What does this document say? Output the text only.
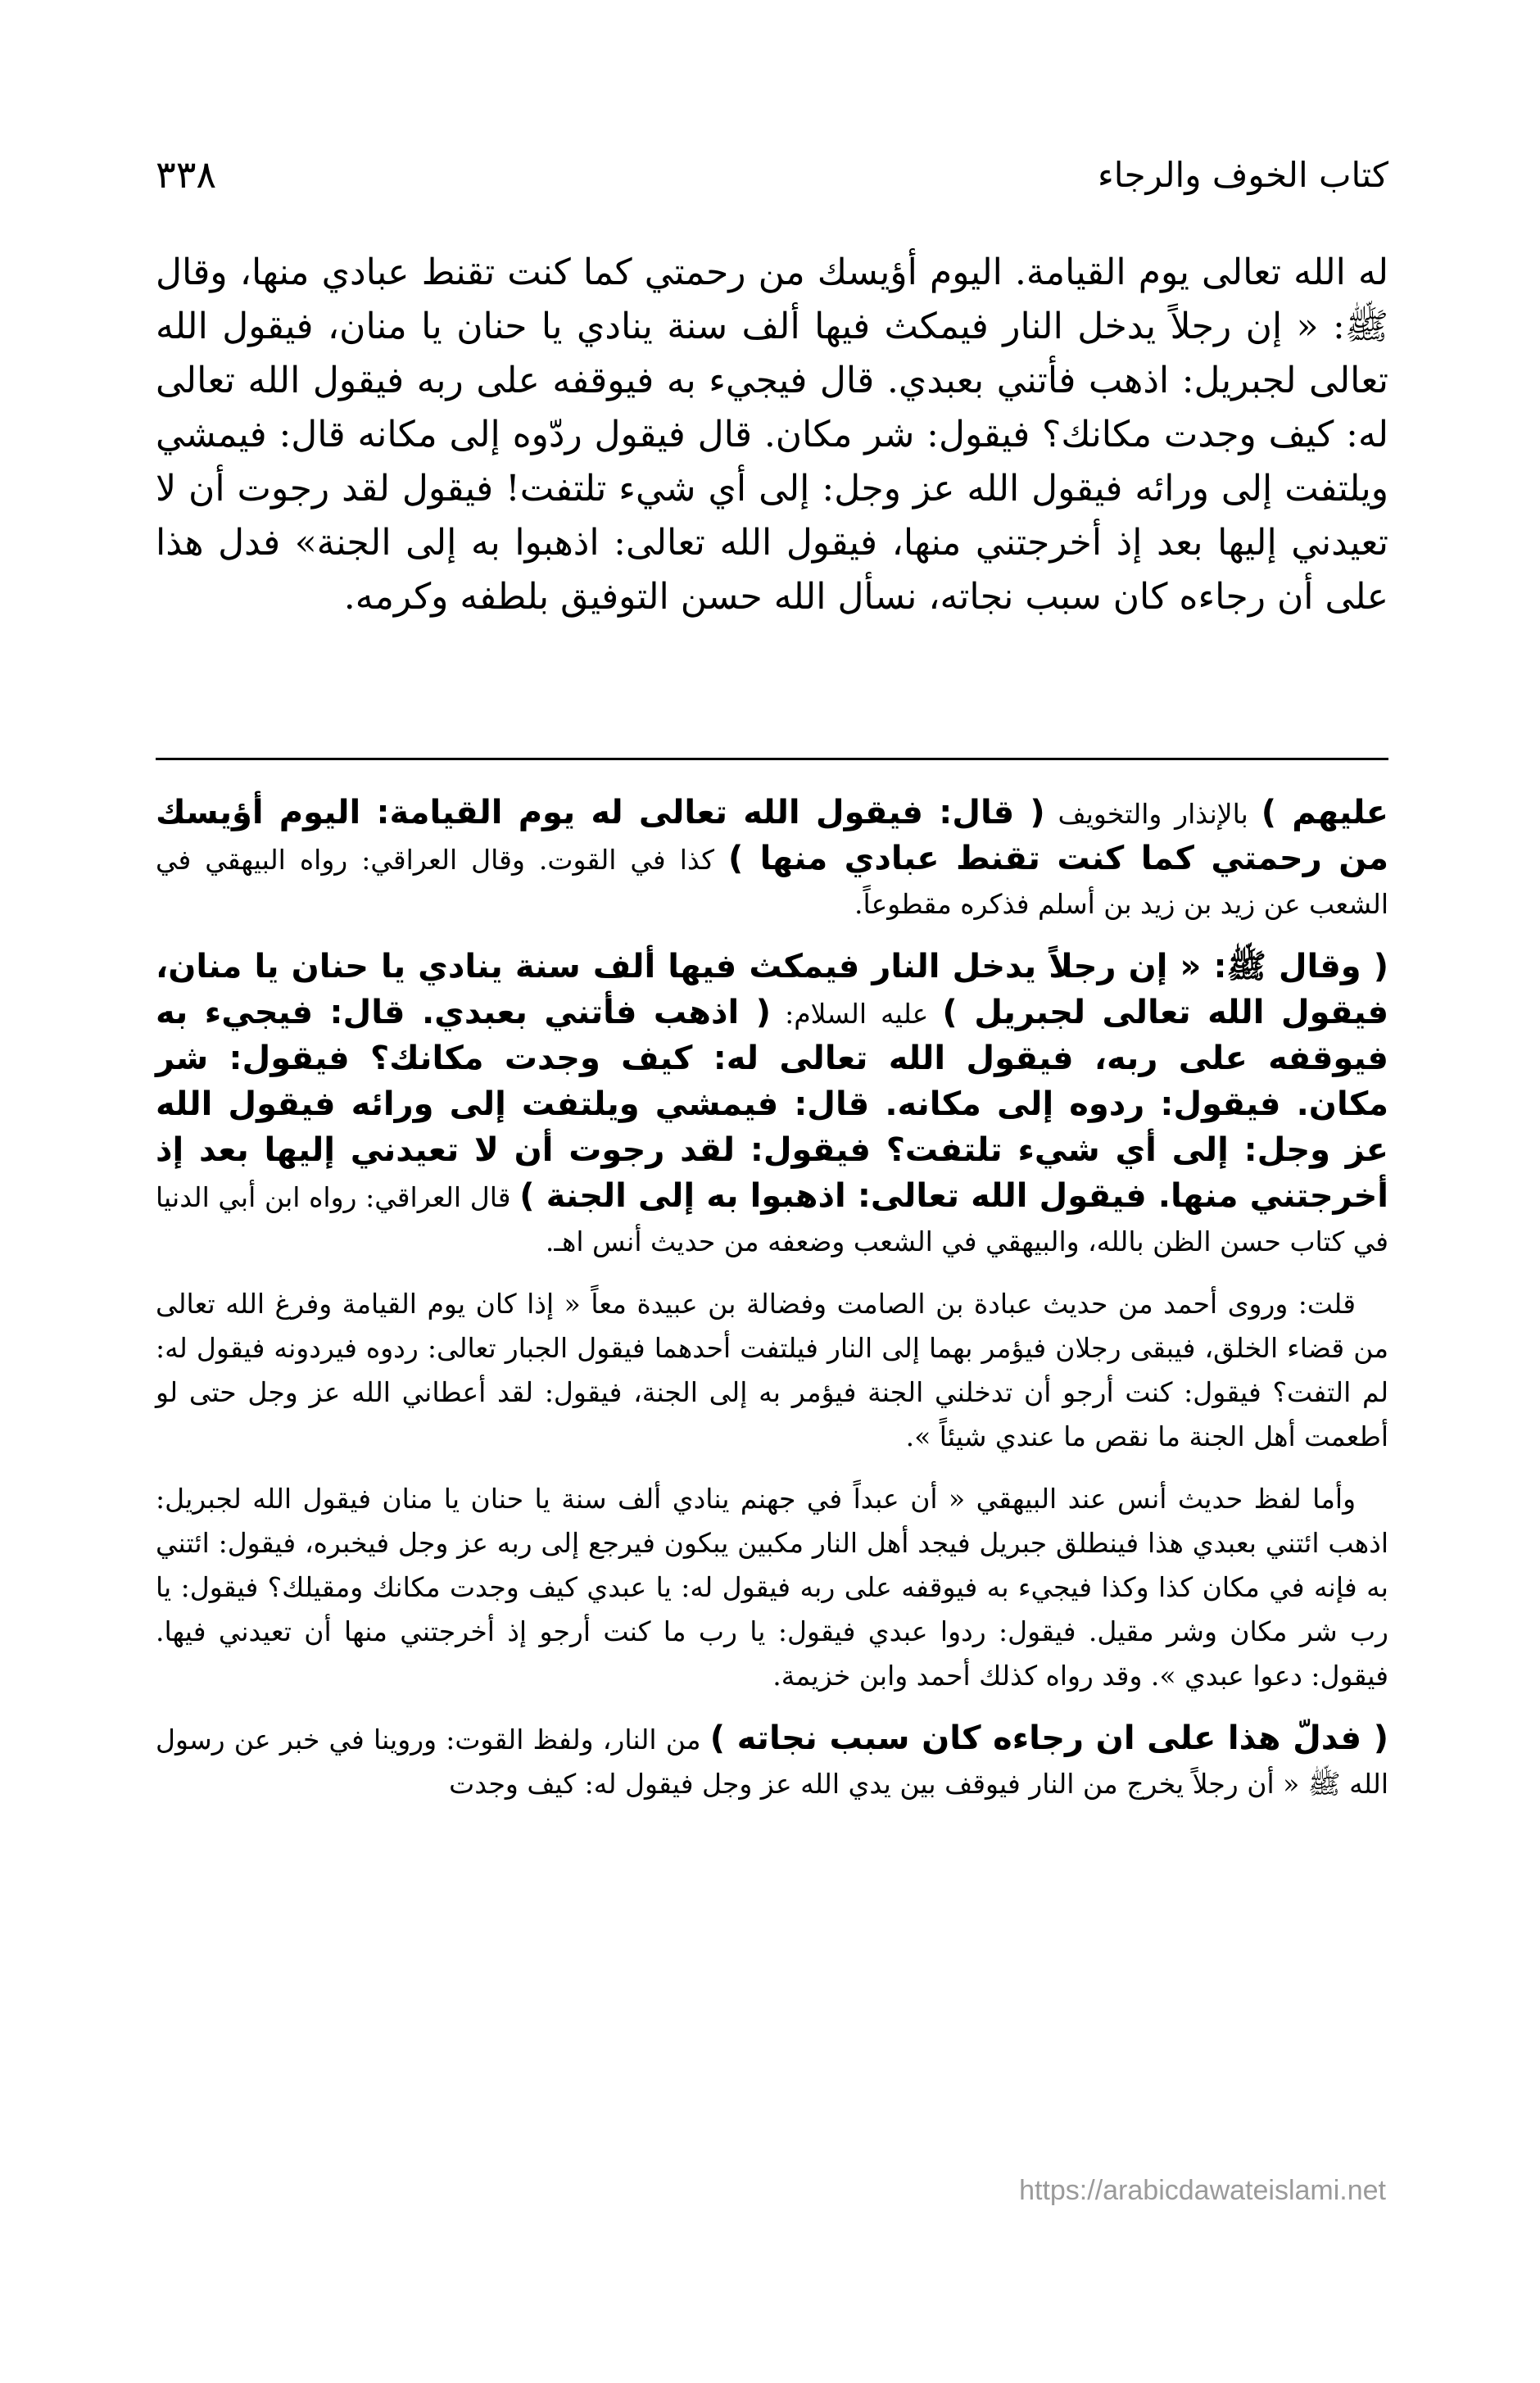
٣٣٨	كتاب الخوف والرجاء

له الله تعالى يوم القيامة. اليوم أؤيسك من رحمتي كما كنت تقنط عبادي منها، وقال ﷺ: « إن رجلاً يدخل النار فيمكث فيها ألف سنة ينادي يا حنان يا منان، فيقول الله تعالى لجبريل: اذهب فأتني بعبدي. قال فيجيء به فيوقفه على ربه فيقول الله تعالى له: كيف وجدت مكانك؟ فيقول: شر مكان. قال فيقول ردّوه إلى مكانه قال: فيمشي ويلتفت إلى ورائه فيقول الله عز وجل: إلى أي شيء تلتفت! فيقول لقد رجوت أن لا تعيدني إليها بعد إذ أخرجتني منها، فيقول الله تعالى: اذهبوا به إلى الجنة» فدل هذا على أن رجاءه كان سبب نجاته، نسأل الله حسن التوفيق بلطفه وكرمه.

عليهم ) بالإنذار والتخويف ( قال: فيقول الله تعالى له يوم القيامة: اليوم أؤيسك من رحمتي كما كنت تقنط عبادي منها ) كذا في القوت. وقال العراقي: رواه البيهقي في الشعب عن زيد بن زيد بن أسلم فذكره مقطوعاً.

( وقال ﷺ: « إن رجلاً يدخل النار فيمكث فيها ألف سنة ينادي يا حنان يا منان، فيقول الله تعالى لجبريل ) عليه السلام: ( اذهب فأتني بعبدي. قال: فيجيء به فيوقفه على ربه، فيقول الله تعالى له: كيف وجدت مكانك؟ فيقول: شر مكان. فيقول: ردوه إلى مكانه. قال: فيمشي ويلتفت إلى ورائه فيقول الله عز وجل: إلى أي شيء تلتفت؟ فيقول: لقد رجوت أن لا تعيدني إليها بعد إذ أخرجتني منها. فيقول الله تعالى: اذهبوا به إلى الجنة ) قال العراقي: رواه ابن أبي الدنيا في كتاب حسن الظن بالله، والبيهقي في الشعب وضعفه من حديث أنس اهـ.

قلت: وروى أحمد من حديث عبادة بن الصامت وفضالة بن عبيدة معاً « إذا كان يوم القيامة وفرغ الله تعالى من قضاء الخلق، فيبقى رجلان فيؤمر بهما إلى النار فيلتفت أحدهما فيقول الجبار تعالى: ردوه فيردونه فيقول له: لم التفت؟ فيقول: كنت أرجو أن تدخلني الجنة فيؤمر به إلى الجنة، فيقول: لقد أعطاني الله عز وجل حتى لو أطعمت أهل الجنة ما نقص ما عندي شيئاً ».

وأما لفظ حديث أنس عند البيهقي « أن عبداً في جهنم ينادي ألف سنة يا حنان يا منان فيقول الله لجبريل: اذهب ائتني بعبدي هذا فينطلق جبريل فيجد أهل النار مكبين يبكون فيرجع إلى ربه عز وجل فيخبره، فيقول: ائتني به فإنه في مكان كذا وكذا فيجيء به فيوقفه على ربه فيقول له: يا عبدي كيف وجدت مكانك ومقيلك؟ فيقول: يا رب شر مكان وشر مقيل. فيقول: ردوا عبدي فيقول: يا رب ما كنت أرجو إذ أخرجتني منها أن تعيدني فيها. فيقول: دعوا عبدي ». وقد رواه كذلك أحمد وابن خزيمة.

( فدلّ هذا على ان رجاءه كان سبب نجاته ) من النار، ولفظ القوت: وروينا في خبر عن رسول الله ﷺ « أن رجلاً يخرج من النار فيوقف بين يدي الله عز وجل فيقول له: كيف وجدت

https://arabicdawateislami.net
